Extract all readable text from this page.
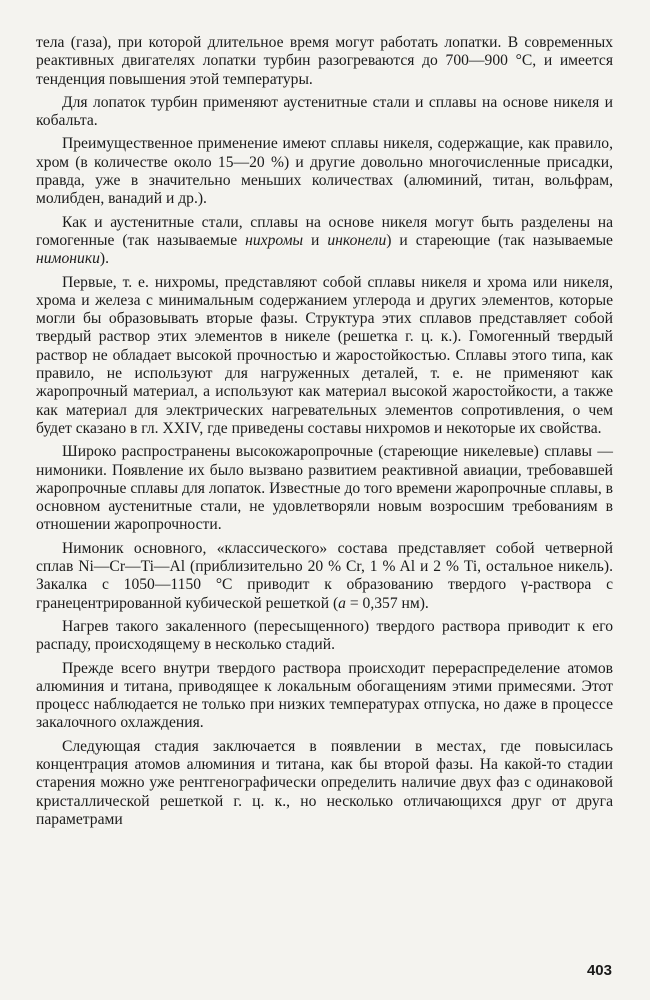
тела (газа), при которой длительное время могут работать лопатки. В современных реактивных двигателях лопатки турбин разогреваются до 700—900 °С, и имеется тенденция повышения этой температуры.

Для лопаток турбин применяют аустенитные стали и сплавы на основе никеля и кобальта.

Преимущественное применение имеют сплавы никеля, содержащие, как правило, хром (в количестве около 15—20 %) и другие довольно многочисленные присадки, правда, уже в значительно меньших количествах (алюминий, титан, вольфрам, молибден, ванадий и др.).

Как и аустенитные стали, сплавы на основе никеля могут быть разделены на гомогенные (так называемые нихромы и инконели) и стареющие (так называемые нимоники).

Первые, т. е. нихромы, представляют собой сплавы никеля и хрома или никеля, хрома и железа с минимальным содержанием углерода и других элементов, которые могли бы образовывать вторые фазы. Структура этих сплавов представляет собой твердый раствор этих элементов в никеле (решетка г. ц. к.). Гомогенный твердый раствор не обладает высокой прочностью и жаростойкостью. Сплавы этого типа, как правило, не используют для нагруженных деталей, т. е. не применяют как жаропрочный материал, а используют как материал высокой жаростойкости, а также как материал для электрических нагревательных элементов сопротивления, о чем будет сказано в гл. XXIV, где приведены составы нихромов и некоторые их свойства.

Широко распространены высокожаропрочные (стареющие никелевые) сплавы — нимоники. Появление их было вызвано развитием реактивной авиации, требовавшей жаропрочные сплавы для лопаток. Известные до того времени жаропрочные сплавы, в основном аустенитные стали, не удовлетворяли новым возросшим требованиям в отношении жаропрочности.

Нимоник основного, «классического» состава представляет собой четверной сплав Ni—Cr—Ti—Al (приблизительно 20 % Cr, 1 % Al и 2 % Ti, остальное никель). Закалка с 1050—1150 °С приводит к образованию твердого γ-раствора с гранецентрированной кубической решеткой (а = 0,357 нм).

Нагрев такого закаленного (пересыщенного) твердого раствора приводит к его распаду, происходящему в несколько стадий.

Прежде всего внутри твердого раствора происходит перераспределение атомов алюминия и титана, приводящее к локальным обогащениям этими примесями. Этот процесс наблюдается не только при низких температурах отпуска, но даже в процессе закалочного охлаждения.

Следующая стадия заключается в появлении в местах, где повысилась концентрация атомов алюминия и титана, как бы второй фазы. На какой-то стадии старения можно уже рентгенографически определить наличие двух фаз с одинаковой кристаллической решеткой г. ц. к., но несколько отличающихся друг от друга параметрами

403
